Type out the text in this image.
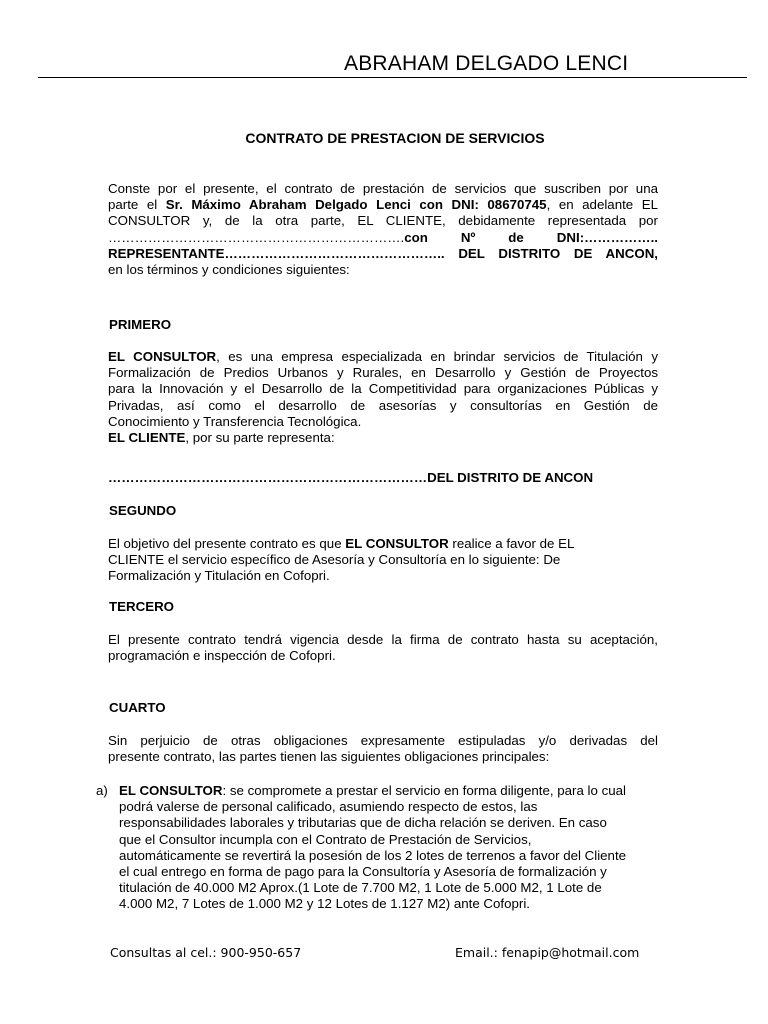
ABRAHAM DELGADO LENCI
CONTRATO DE PRESTACION DE SERVICIOS
Conste por el presente, el contrato de prestación de servicios que suscriben por una
parte el Sr. Máximo Abraham Delgado Lenci con DNI: 08670745, en adelante EL
CONSULTOR y, de la otra parte, EL CLIENTE, debidamente representada por
………………………………………………………….con Nº de DNI:……………..
REPRESENTANTE………………………………………….. DEL DISTRITO DE ANCON,
en los términos y condiciones siguientes:
PRIMERO
EL CONSULTOR, es una empresa especializada en brindar servicios de Titulación y
Formalización de Predios Urbanos y Rurales, en Desarrollo y Gestión de Proyectos
para la Innovación y el Desarrollo de la Competitividad para organizaciones Públicas y
Privadas, así como el desarrollo de asesorías y consultorías en Gestión de
Conocimiento y Transferencia Tecnológica.
EL CLIENTE, por su parte representa:
………………………………………………………………DEL DISTRITO DE ANCON
SEGUNDO
El objetivo del presente contrato es que EL CONSULTOR realice a favor de EL
CLIENTE el servicio específico de Asesoría y Consultoría en lo siguiente: De
Formalización y Titulación en Cofopri.
TERCERO
El presente contrato tendrá vigencia desde la firma de contrato hasta su aceptación,
programación e inspección de Cofopri.
CUARTO
Sin perjuicio de otras obligaciones expresamente estipuladas y/o derivadas del
presente contrato, las partes tienen las siguientes obligaciones principales:
a) EL CONSULTOR: se compromete a prestar el servicio en forma diligente, para lo cual
podrá valerse de personal calificado, asumiendo respecto de estos, las
responsabilidades laborales y tributarias que de dicha relación se deriven. En caso
que el Consultor incumpla con el Contrato de Prestación de Servicios,
automáticamente se revertirá la posesión de los 2 lotes de terrenos a favor del Cliente
el cual entrego en forma de pago para la Consultoría y Asesoría de formalización y
titulación de 40.000 M2 Aprox.(1 Lote de 7.700 M2, 1 Lote de 5.000 M2, 1 Lote de
4.000 M2, 7 Lotes de 1.000 M2 y 12 Lotes de 1.127 M2) ante Cofopri.
Consultas al cel.: 900-950-657	Email.: fenapip@hotmail.com
